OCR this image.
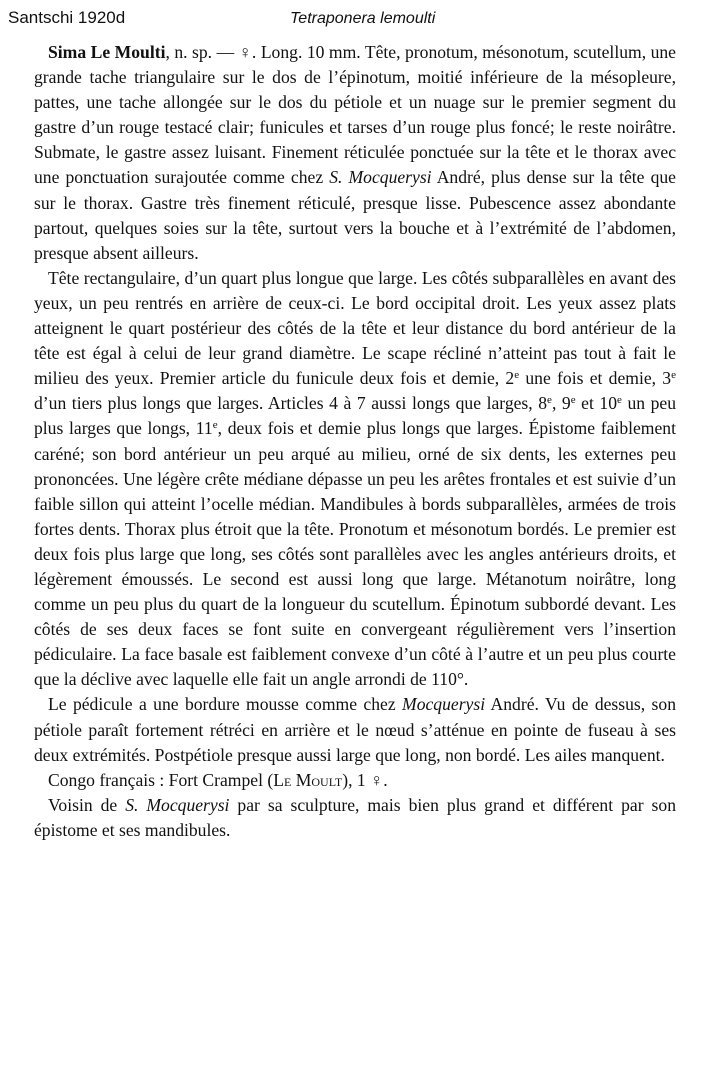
Santschi 1920d	Tetraponera lemoulti

Sima Le Moulti, n. sp. — ♀. Long. 10 mm. Tête, pronotum, mésonotum, scutellum, une grande tache triangulaire sur le dos de l’épinotum, moitié inférieure de la mésopleure, pattes, une tache allongée sur le dos du pétiole et un nuage sur le premier segment du gastre d’un rouge testacé clair; funicules et tarses d’un rouge plus foncé; le reste noirâtre. Submate, le gastre assez luisant. Finement réticulée ponctuée sur la tête et le thorax avec une ponctuation surajoutée comme chez S. Mocquerysi André, plus dense sur la tête que sur le thorax. Gastre très finement réticulé, presque lisse. Pubescence assez abondante partout, quelques soies sur la tête, surtout vers la bouche et à l’extrémité de l’abdomen, presque absent ailleurs.

Tête rectangulaire, d’un quart plus longue que large. Les côtés subparallèles en avant des yeux, un peu rentrés en arrière de ceux-ci. Le bord occipital droit. Les yeux assez plats atteignent le quart postérieur des côtés de la tête et leur distance du bord antérieur de la tête est égal à celui de leur grand diamètre. Le scape récliné n’atteint pas tout à fait le milieu des yeux. Premier article du funicule deux fois et demie, 2e une fois et demie, 3e d’un tiers plus longs que larges. Articles 4 à 7 aussi longs que larges, 8e, 9e et 10e un peu plus larges que longs, 11e, deux fois et demie plus longs que larges. Épistome faiblement caréné; son bord antérieur un peu arqué au milieu, orné de six dents, les externes peu prononcées. Une légère crête médiane dépasse un peu les arêtes frontales et est suivie d’un faible sillon qui atteint l’ocelle médian. Mandibules à bords subparallèles, armées de trois fortes dents. Thorax plus étroit que la tête. Pronotum et mésonotum bordés. Le premier est deux fois plus large que long, ses côtés sont parallèles avec les angles antérieurs droits, et légèrement émoussés. Le second est aussi long que large. Métanotum noirâtre, long comme un peu plus du quart de la longueur du scutellum. Épinotum subbordé devant. Les côtés de ses deux faces se font suite en convergeant régulièrement vers l’insertion pédiculaire. La face basale est faiblement convexe d’un côté à l’autre et un peu plus courte que la déclive avec laquelle elle fait un angle arrondi de 110°.

Le pédicule a une bordure mousse comme chez Mocquerysi André. Vu de dessus, son pétiole paraît fortement rétréci en arrière et le nœud s’atténue en pointe de fuseau à ses deux extrémités. Postpétiole presque aussi large que long, non bordé. Les ailes manquent.

Congo français : Fort Crampel (Le Moult), 1 ♀.

Voisin de S. Mocquerysi par sa sculpture, mais bien plus grand et différent par son épistome et ses mandibules.
